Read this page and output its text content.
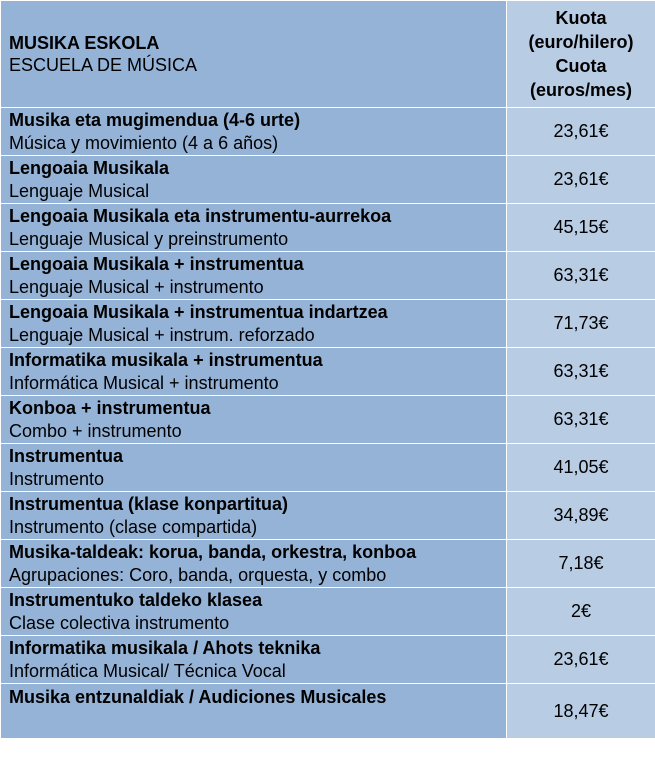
MUSIKA ESKOLA
ESCUELA DE MÚSICA	Kuota
(euro/hilero)
Cuota
(euros/mes)

Musika eta mugimendua (4-6 urte)
Música y movimiento (4 a 6 años)	23,61€

Lengoaia Musikala
Lenguaje Musical	23,61€

Lengoaia Musikala eta instrumentu-aurrekoa
Lenguaje Musical y preinstrumento	45,15€

Lengoaia Musikala + instrumentua
Lenguaje Musical + instrumento	63,31€

Lengoaia Musikala + instrumentua indartzea
Lenguaje Musical + instrum. reforzado	71,73€

Informatika musikala + instrumentua
Informática Musical + instrumento	63,31€

Konboa + instrumentua
Combo + instrumento	63,31€

Instrumentua
Instrumento	41,05€

Instrumentua (klase konpartitua)
Instrumento (clase compartida)	34,89€

Musika-taldeak: korua, banda, orkestra, konboa
Agrupaciones: Coro, banda, orquesta, y combo	7,18€

Instrumentuko taldeko klasea
Clase colectiva instrumento	2€

Informatika musikala / Ahots teknika
Informática Musical/ Técnica Vocal	23,61€

Musika entzunaldiak / Audiciones Musicales	18,47€
